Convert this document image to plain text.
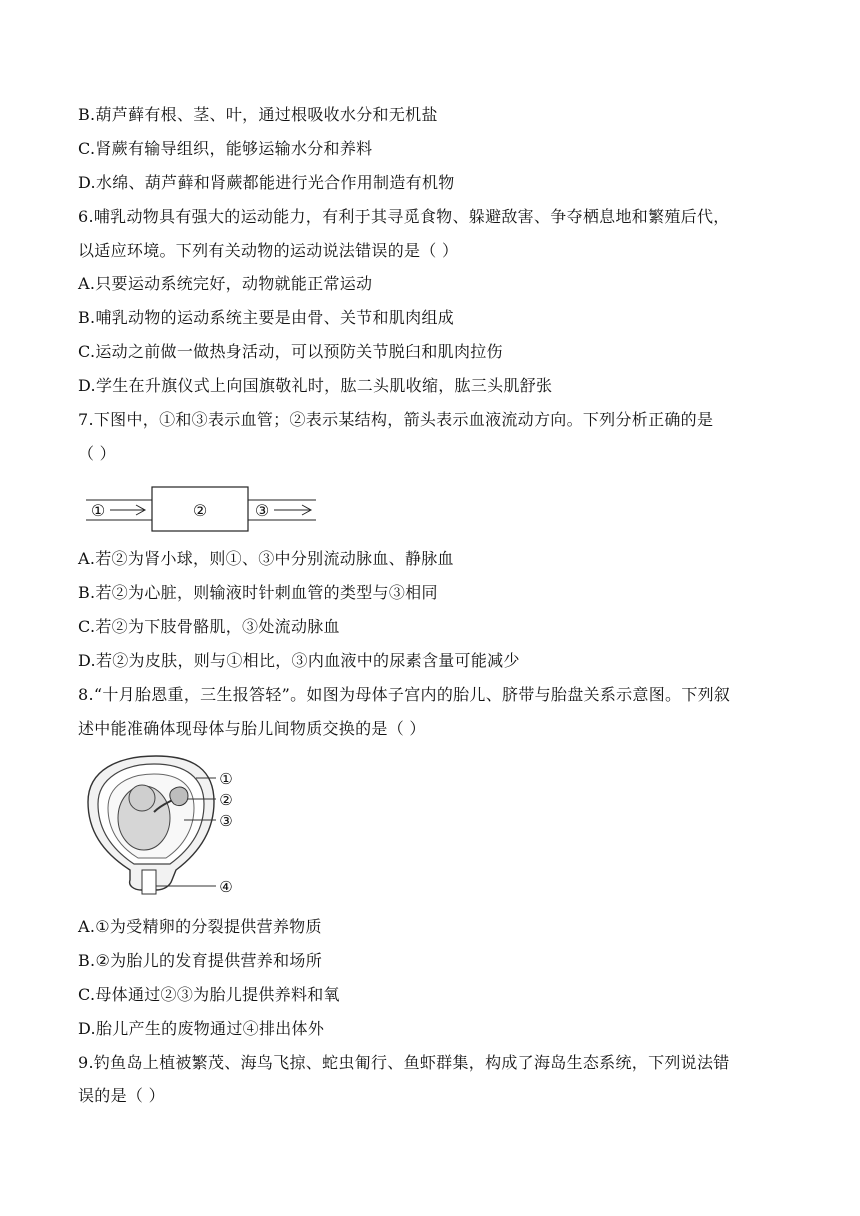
B.葫芦藓有根、茎、叶，通过根吸收水分和无机盐
C.肾蕨有输导组织，能够运输水分和养料
D.水绵、葫芦藓和肾蕨都能进行光合作用制造有机物
6.哺乳动物具有强大的运动能力，有利于其寻觅食物、躲避敌害、争夺栖息地和繁殖后代，
以适应环境。下列有关动物的运动说法错误的是（ ）
A.只要运动系统完好，动物就能正常运动
B.哺乳动物的运动系统主要是由骨、关节和肌肉组成
C.运动之前做一做热身活动，可以预防关节脱臼和肌肉拉伤
D.学生在升旗仪式上向国旗敬礼时，肱二头肌收缩，肱三头肌舒张
7.下图中，①和③表示血管；②表示某结构，箭头表示血液流动方向。下列分析正确的是
（ ）
①	②	③
A.若②为肾小球，则①、③中分别流动脉血、静脉血
B.若②为心脏，则输液时针刺血管的类型与③相同
C.若②为下肢骨骼肌，③处流动脉血
D.若②为皮肤，则与①相比，③内血液中的尿素含量可能减少
8.“十月胎恩重，三生报答轻”。如图为母体子宫内的胎儿、脐带与胎盘关系示意图。下列叙
述中能准确体现母体与胎儿间物质交换的是（ ）
①
②
③
④
A.①为受精卵的分裂提供营养物质
B.②为胎儿的发育提供营养和场所
C.母体通过②③为胎儿提供养料和氧
D.胎儿产生的废物通过④排出体外
9.钓鱼岛上植被繁茂、海鸟飞掠、蛇虫匍行、鱼虾群集，构成了海岛生态系统，下列说法错
误的是（ ）
